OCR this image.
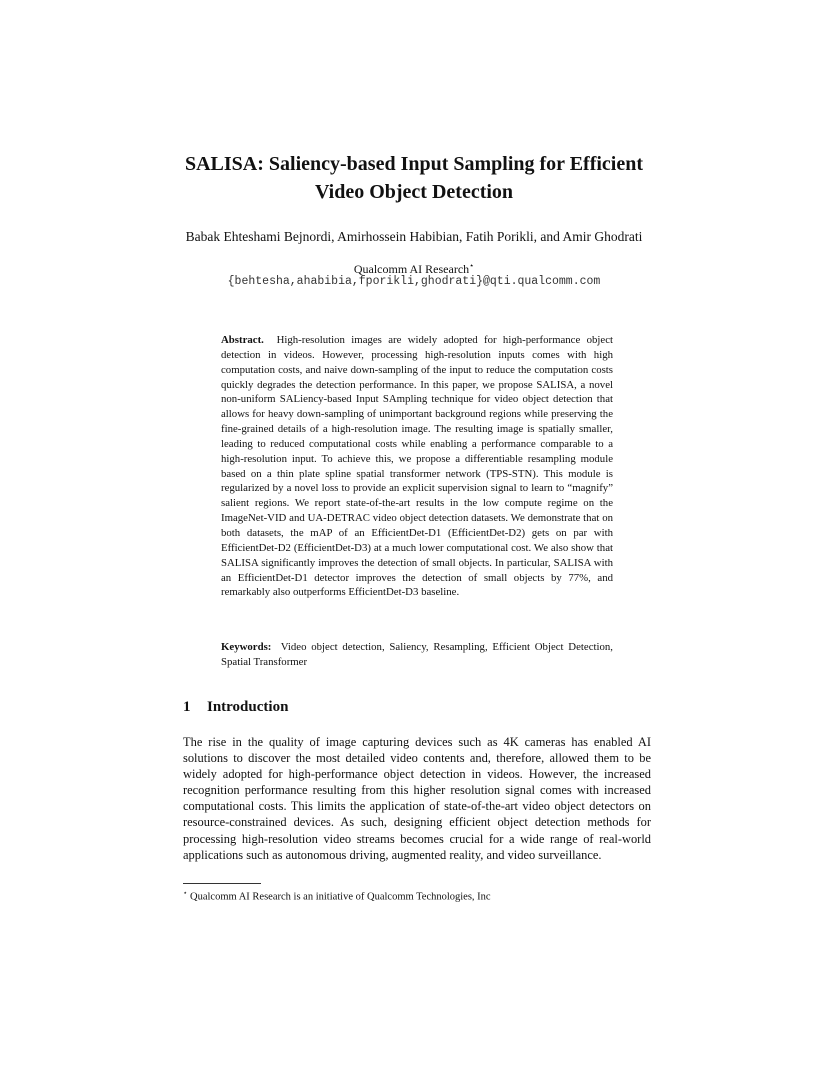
SALISA: Saliency-based Input Sampling for Efficient
Video Object Detection

Babak Ehteshami Bejnordi, Amirhossein Habibian, Fatih Porikli, and Amir Ghodrati

Qualcomm AI Research⋆
{behtesha,ahabibia,fporikli,ghodrati}@qti.qualcomm.com

Abstract. High-resolution images are widely adopted for high-performance object detection in videos. However, processing high-resolution inputs comes with high computation costs, and naive down-sampling of the input to reduce the computation costs quickly degrades the detection performance. In this paper, we propose SALISA, a novel non-uniform SALiency-based Input SAmpling technique for video object detection that allows for heavy down-sampling of unimportant background regions while preserving the fine-grained details of a high-resolution image. The resulting image is spatially smaller, leading to reduced computational costs while enabling a performance comparable to a high-resolution input. To achieve this, we propose a differentiable resampling module based on a thin plate spline spatial transformer network (TPS-STN). This module is regularized by a novel loss to provide an explicit supervision signal to learn to “magnify” salient regions. We report state-of-the-art results in the low compute regime on the ImageNet-VID and UA-DETRAC video object detection datasets. We demonstrate that on both datasets, the mAP of an EfficientDet-D1 (EfficientDet-D2) gets on par with EfficientDet-D2 (EfficientDet-D3) at a much lower computational cost. We also show that SALISA significantly improves the detection of small objects. In particular, SALISA with an EfficientDet-D1 detector improves the detection of small objects by 77%, and remarkably also outperforms EfficientDet-D3 baseline.

Keywords: Video object detection, Saliency, Resampling, Efficient Object Detection, Spatial Transformer

1 Introduction

The rise in the quality of image capturing devices such as 4K cameras has enabled AI solutions to discover the most detailed video contents and, therefore, allowed them to be widely adopted for high-performance object detection in videos. However, the increased recognition performance resulting from this higher resolution signal comes with increased computational costs. This limits the application of state-of-the-art video object detectors on resource-constrained devices. As such, designing efficient object detection methods for processing high-resolution video streams becomes crucial for a wide range of real-world applications such as autonomous driving, augmented reality, and video surveillance.

⋆ Qualcomm AI Research is an initiative of Qualcomm Technologies, Inc
